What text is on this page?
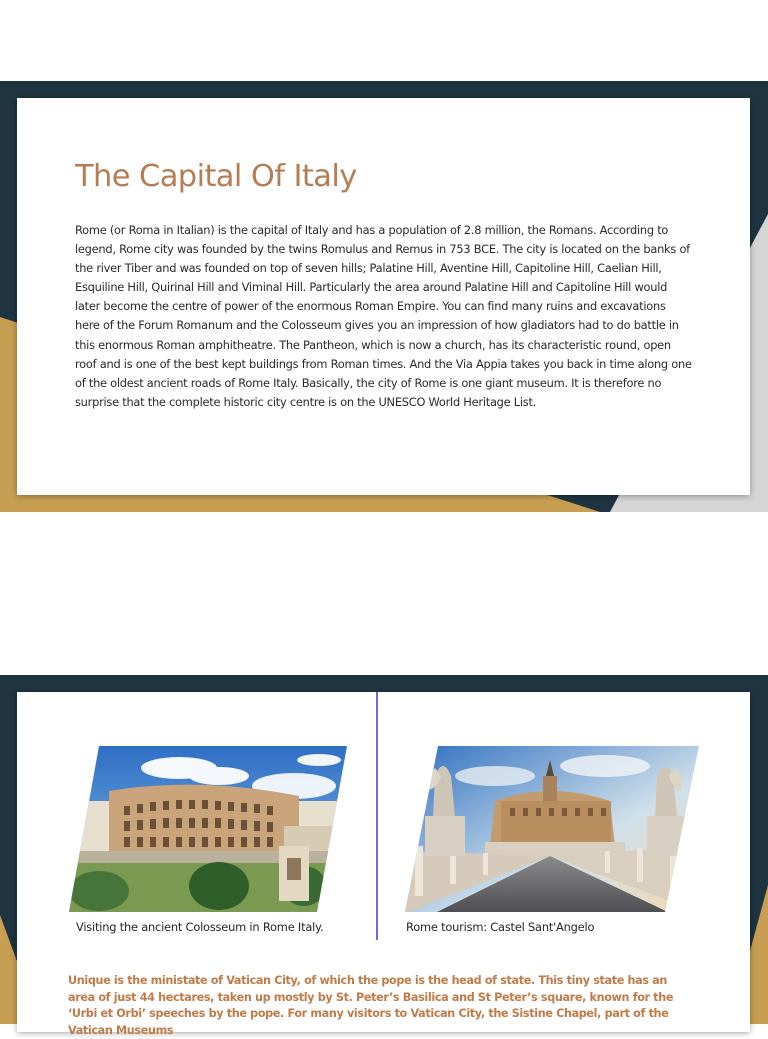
The Capital Of Italy

Rome (or Roma in Italian) is the capital of Italy and has a population of 2.8 million, the Romans. According to legend, Rome city was founded by the twins Romulus and Remus in 753 BCE. The city is located on the banks of the river Tiber and was founded on top of seven hills; Palatine Hill, Aventine Hill, Capitoline Hill, Caelian Hill, Esquiline Hill, Quirinal Hill and Viminal Hill. Particularly the area around Palatine Hill and Capitoline Hill would later become the centre of power of the enormous Roman Empire. You can find many ruins and excavations here of the Forum Romanum and the Colosseum gives you an impression of how gladiators had to do battle in this enormous Roman amphitheatre. The Pantheon, which is now a church, has its characteristic round, open roof and is one of the best kept buildings from Roman times. And the Via Appia takes you back in time along one of the oldest ancient roads of Rome Italy. Basically, the city of Rome is one giant museum. It is therefore no surprise that the complete historic city centre is on the UNESCO World Heritage List.

Visiting the ancient Colosseum in Rome Italy.	Rome tourism: Castel Sant'Angelo

Unique is the ministate of Vatican City, of which the pope is the head of state. This tiny state has an area of just 44 hectares, taken up mostly by St. Peter’s Basilica and St Peter’s square, known for the ‘Urbi et Orbi’ speeches by the pope. For many visitors to Vatican City, the Sistine Chapel, part of the Vatican Museums
